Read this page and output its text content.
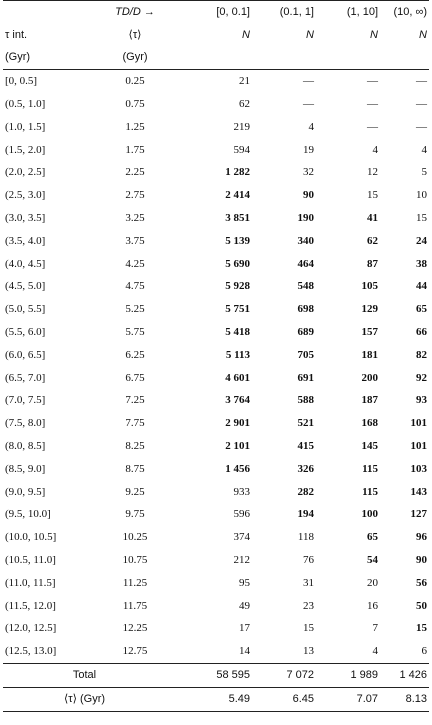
	TD/D →	[0, 0.1]	(0.1, 1]	(1, 10]	(10, ∞)
τ int.	⟨τ⟩	N	N	N	N
(Gyr)	(Gyr)				
[0, 0.5]	0.25	21	—	—	—
(0.5, 1.0]	0.75	62	—	—	—
(1.0, 1.5]	1.25	219	4	—	—
(1.5, 2.0]	1.75	594	19	4	4
(2.0, 2.5]	2.25	1 282	32	12	5
(2.5, 3.0]	2.75	2 414	90	15	10
(3.0, 3.5]	3.25	3 851	190	41	15
(3.5, 4.0]	3.75	5 139	340	62	24
(4.0, 4.5]	4.25	5 690	464	87	38
(4.5, 5.0]	4.75	5 928	548	105	44
(5.0, 5.5]	5.25	5 751	698	129	65
(5.5, 6.0]	5.75	5 418	689	157	66
(6.0, 6.5]	6.25	5 113	705	181	82
(6.5, 7.0]	6.75	4 601	691	200	92
(7.0, 7.5]	7.25	3 764	588	187	93
(7.5, 8.0]	7.75	2 901	521	168	101
(8.0, 8.5]	8.25	2 101	415	145	101
(8.5, 9.0]	8.75	1 456	326	115	103
(9.0, 9.5]	9.25	933	282	115	143
(9.5, 10.0]	9.75	596	194	100	127
(10.0, 10.5]	10.25	374	118	65	96
(10.5, 11.0]	10.75	212	76	54	90
(11.0, 11.5]	11.25	95	31	20	56
(11.5, 12.0]	11.75	49	23	16	50
(12.0, 12.5]	12.25	17	15	7	15
(12.5, 13.0]	12.75	14	13	4	6
Total		58 595	7 072	1 989	1 426
⟨τ⟩ (Gyr)		5.49	6.45	7.07	8.13
